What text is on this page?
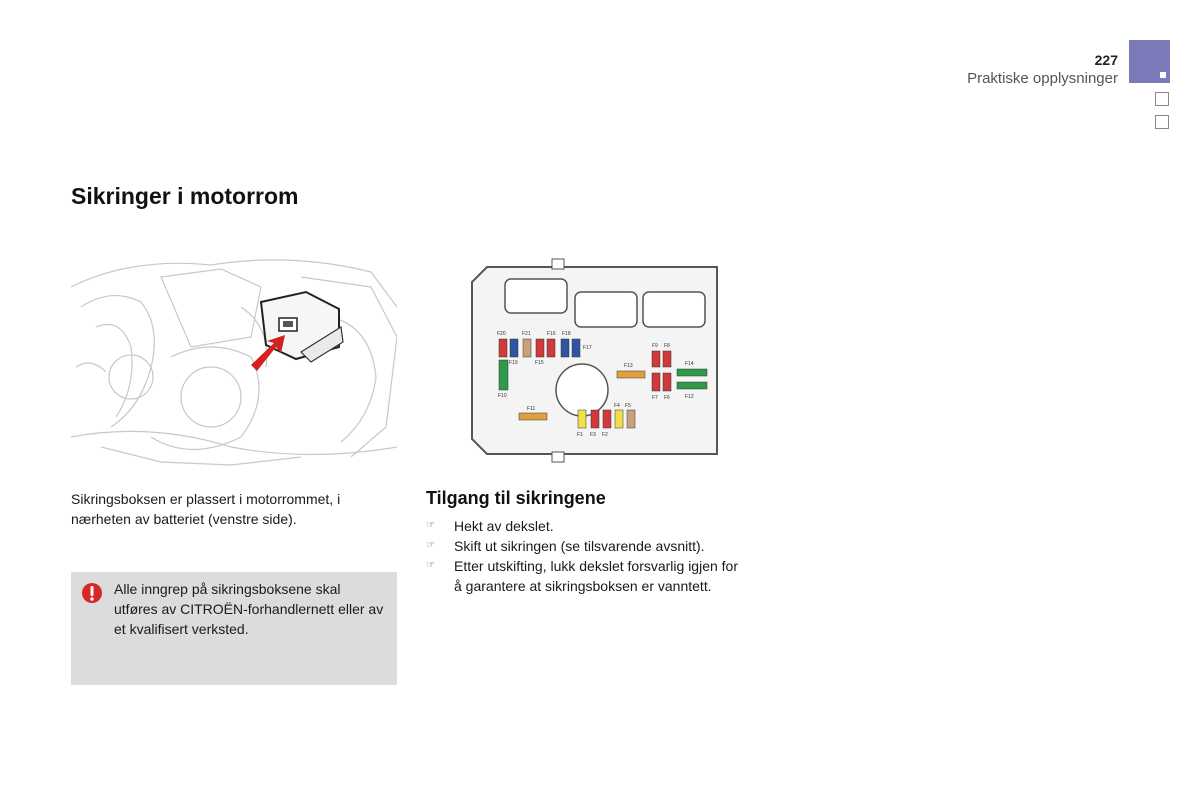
227
Praktiske opplysninger
Sikringer i motorrom
F20	F21	F16 F18
F19	F15
F17
F10
F13
F9 F8
F7 F6
F14
F12
F11	F4 F5
F1 F3 F2
Sikringsboksen er plassert i motorrommet, i nærheten av batteriet (venstre side).
Alle inngrep på sikringsboksene skal utføres av CITROËN-forhandlernett eller av et kvalifisert verksted.
Tilgang til sikringene
☞ Hekt av dekslet.
☞ Skift ut sikringen (se tilsvarende avsnitt).
☞ Etter utskifting, lukk dekslet forsvarlig igjen for å garantere at sikringsboksen er vanntett.
